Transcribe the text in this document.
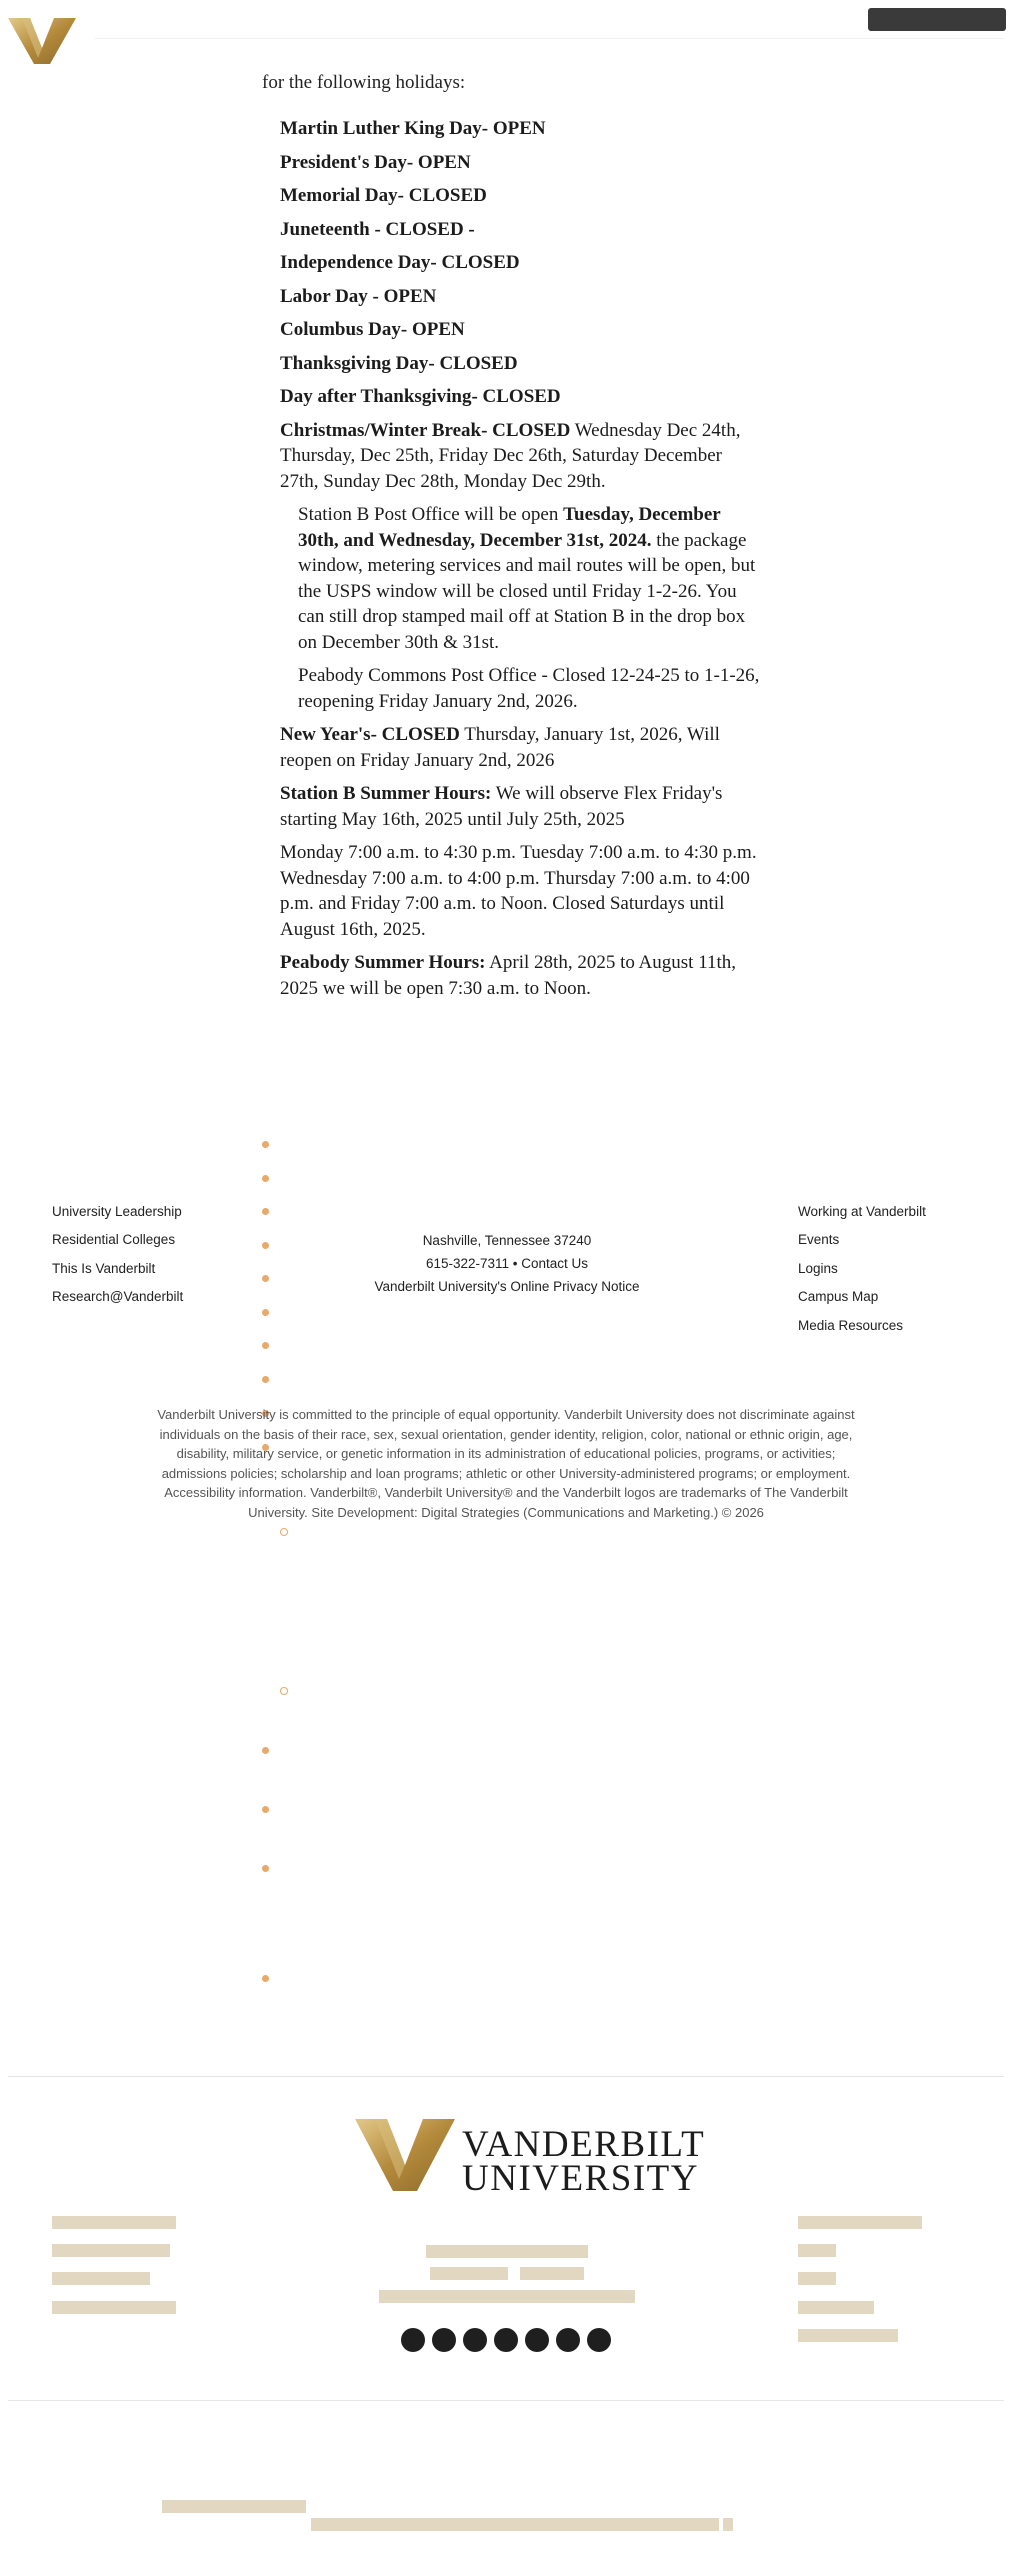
for the following holidays:
Martin Luther King Day- OPEN
President's Day- OPEN
Memorial Day- CLOSED
Juneteenth - CLOSED -
Independence Day- CLOSED
Labor Day - OPEN
Columbus Day- OPEN
Thanksgiving Day- CLOSED
Day after Thanksgiving- CLOSED
Christmas/Winter Break- CLOSED Wednesday Dec 24th, Thursday, Dec 25th, Friday Dec 26th, Saturday December 27th, Sunday Dec 28th, Monday Dec 29th.
Station B Post Office will be open Tuesday, December 30th, and Wednesday, December 31st, 2024. the package window, metering services and mail routes will be open, but the USPS window will be closed until Friday 1-2-26. You can still drop stamped mail off at Station B in the drop box on December 30th & 31st.
Peabody Commons Post Office - Closed 12-24-25 to 1-1-26, reopening Friday January 2nd, 2026.
New Year's- CLOSED Thursday, January 1st, 2026, Will reopen on Friday January 2nd, 2026
Station B Summer Hours: We will observe Flex Friday's starting May 16th, 2025 until July 25th, 2025
Monday 7:00 a.m. to 4:30 p.m. Tuesday 7:00 a.m. to 4:30 p.m. Wednesday 7:00 a.m. to 4:00 p.m. Thursday 7:00 a.m. to 4:00 p.m. and Friday 7:00 a.m. to Noon. Closed Saturdays until August 16th, 2025.
Peabody Summer Hours: April 28th, 2025 to August 11th, 2025 we will be open 7:30 a.m. to Noon.
University Leadership
Residential Colleges
This Is Vanderbilt
Research@Vanderbilt
Nashville, Tennessee 37240
615-322-7311 • Contact Us
Vanderbilt University's Online Privacy Notice
Working at Vanderbilt
Events
Logins
Campus Map
Media Resources
Vanderbilt University is committed to the principle of equal opportunity. Vanderbilt University does not discriminate against individuals on the basis of their race, sex, sexual orientation, gender identity, religion, color, national or ethnic origin, age, disability, military service, or genetic information in its administration of educational policies, programs, or activities; admissions policies; scholarship and loan programs; athletic or other University-administered programs; or employment. Accessibility information. Vanderbilt®, Vanderbilt University® and the Vanderbilt logos are trademarks of The Vanderbilt University. Site Development: Digital Strategies (Communications and Marketing.) © 2026
VANDERBILT
UNIVERSITY
